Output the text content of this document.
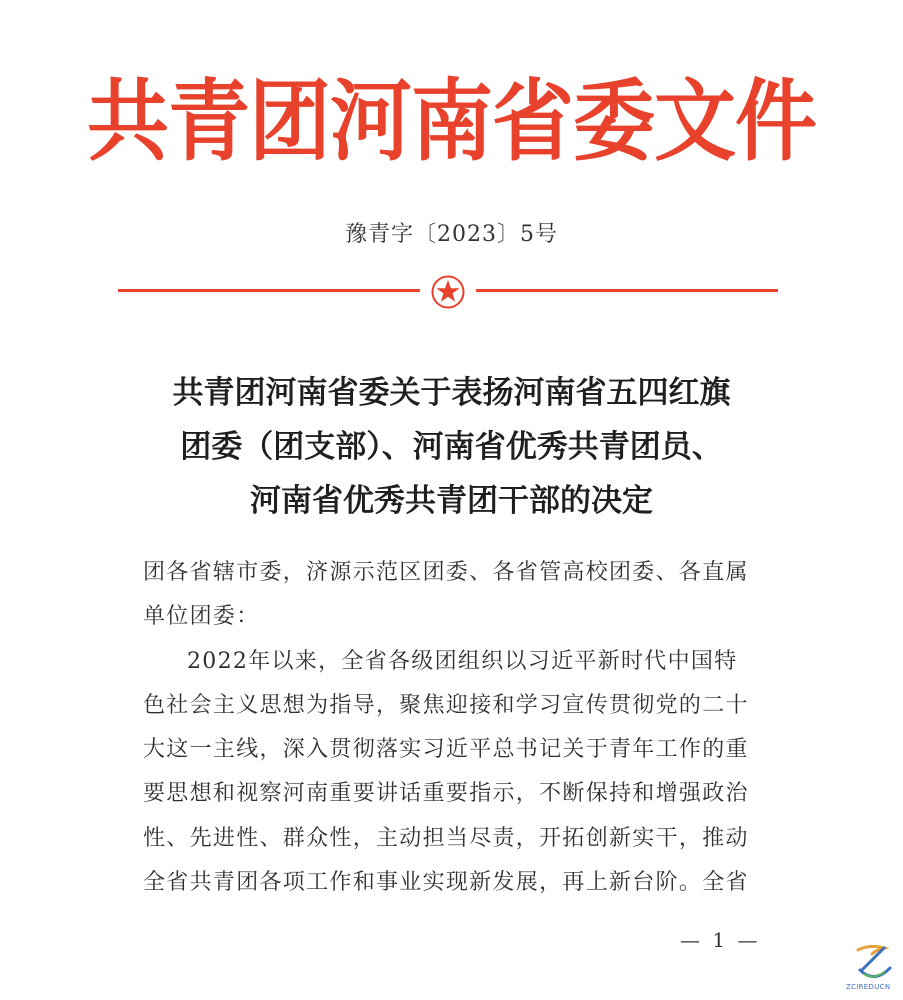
共青团河南省委文件
豫青字〔2023〕5号
共青团河南省委关于表扬河南省五四红旗
团委（团支部）、河南省优秀共青团员、
河南省优秀共青团干部的决定
团各省辖市委，济源示范区团委、各省管高校团委、各直属
单位团委：
2022年以来，全省各级团组织以习近平新时代中国特
色社会主义思想为指导，聚焦迎接和学习宣传贯彻党的二十
大这一主线，深入贯彻落实习近平总书记关于青年工作的重
要思想和视察河南重要讲话重要指示，不断保持和增强政治
性、先进性、群众性，主动担当尽责，开拓创新实干，推动
全省共青团各项工作和事业实现新发展，再上新台阶。全省
— 1 —
ZCIREDUCN
